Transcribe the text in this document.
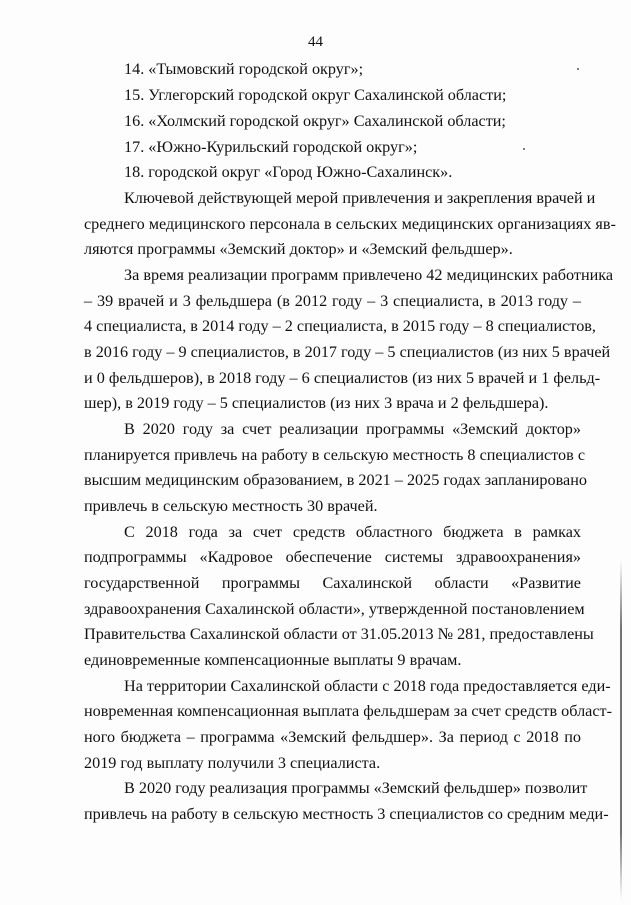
44
14. «Тымовский городской округ»;
15. Углегорский городской округ Сахалинской области;
16. «Холмский городской округ» Сахалинской области;
17. «Южно-Курильский городской округ»;
18. городской округ «Город Южно-Сахалинск».
Ключевой действующей мерой привлечения и закрепления врачей и
среднего медицинского персонала в сельских медицинских организациях яв-
ляются программы «Земский доктор» и «Земский фельдшер».
За время реализации программ привлечено 42 медицинских работника
– 39 врачей и 3 фельдшера (в 2012 году – 3 специалиста, в 2013 году –
4 специалиста, в 2014 году – 2 специалиста, в 2015 году – 8 специалистов,
в 2016 году – 9 специалистов, в 2017 году – 5 специалистов (из них 5 врачей
и 0 фельдшеров), в 2018 году – 6 специалистов (из них 5 врачей и 1 фельд-
шер), в 2019 году – 5 специалистов (из них 3 врача и 2 фельдшера).
В 2020 году за счет реализации программы «Земский доктор»
планируется привлечь на работу в сельскую местность 8 специалистов с
высшим медицинским образованием, в 2021 – 2025 годах запланировано
привлечь в сельскую местность 30 врачей.
С 2018 года за счет средств областного бюджета в рамках
подпрограммы «Кадровое обеспечение системы здравоохранения»
государственной программы Сахалинской области «Развитие
здравоохранения Сахалинской области», утвержденной постановлением
Правительства Сахалинской области от 31.05.2013 № 281, предоставлены
единовременные компенсационные выплаты 9 врачам.
На территории Сахалинской области с 2018 года предоставляется еди-
новременная компенсационная выплата фельдшерам за счет средств област-
ного бюджета – программа «Земский фельдшер». За период с 2018 по
2019 год выплату получили 3 специалиста.
В 2020 году реализация программы «Земский фельдшер» позволит
привлечь на работу в сельскую местность 3 специалистов со средним меди-
